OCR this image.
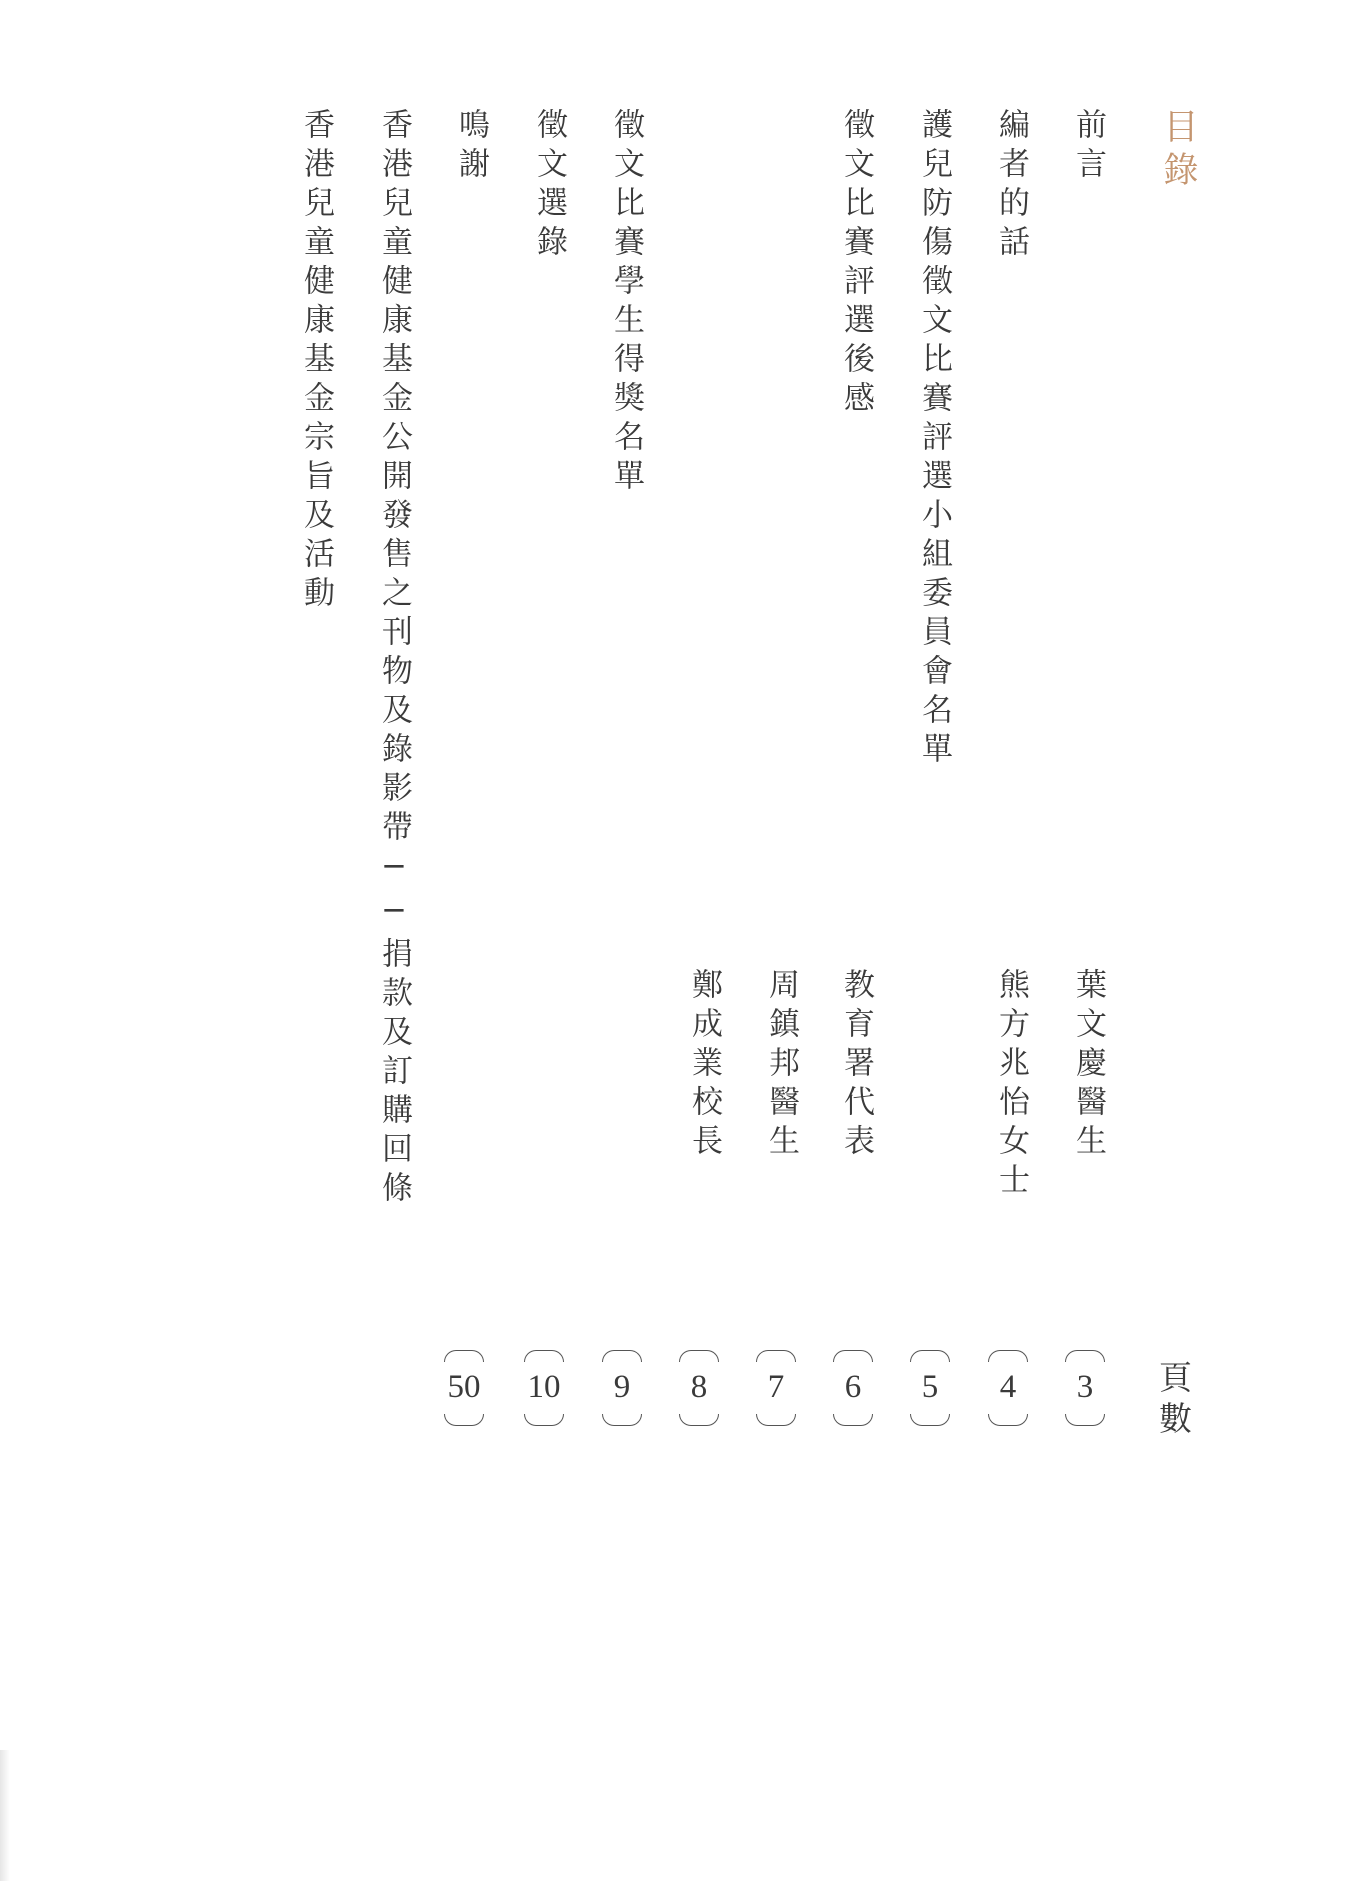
目錄
頁數
前言
編者的話
護兒防傷徵文比賽評選小組委員會名單
徵文比賽評選後感
徵文比賽學生得獎名單
徵文選錄
鳴謝
香港兒童健康基金公開發售之刊物及錄影帶──捐款及訂購回條
香港兒童健康基金宗旨及活動
葉文慶醫生
熊方兆怡女士
教育署代表
周鎮邦醫生
鄭成業校長
3
4
5
6
7
8
9
10
50
